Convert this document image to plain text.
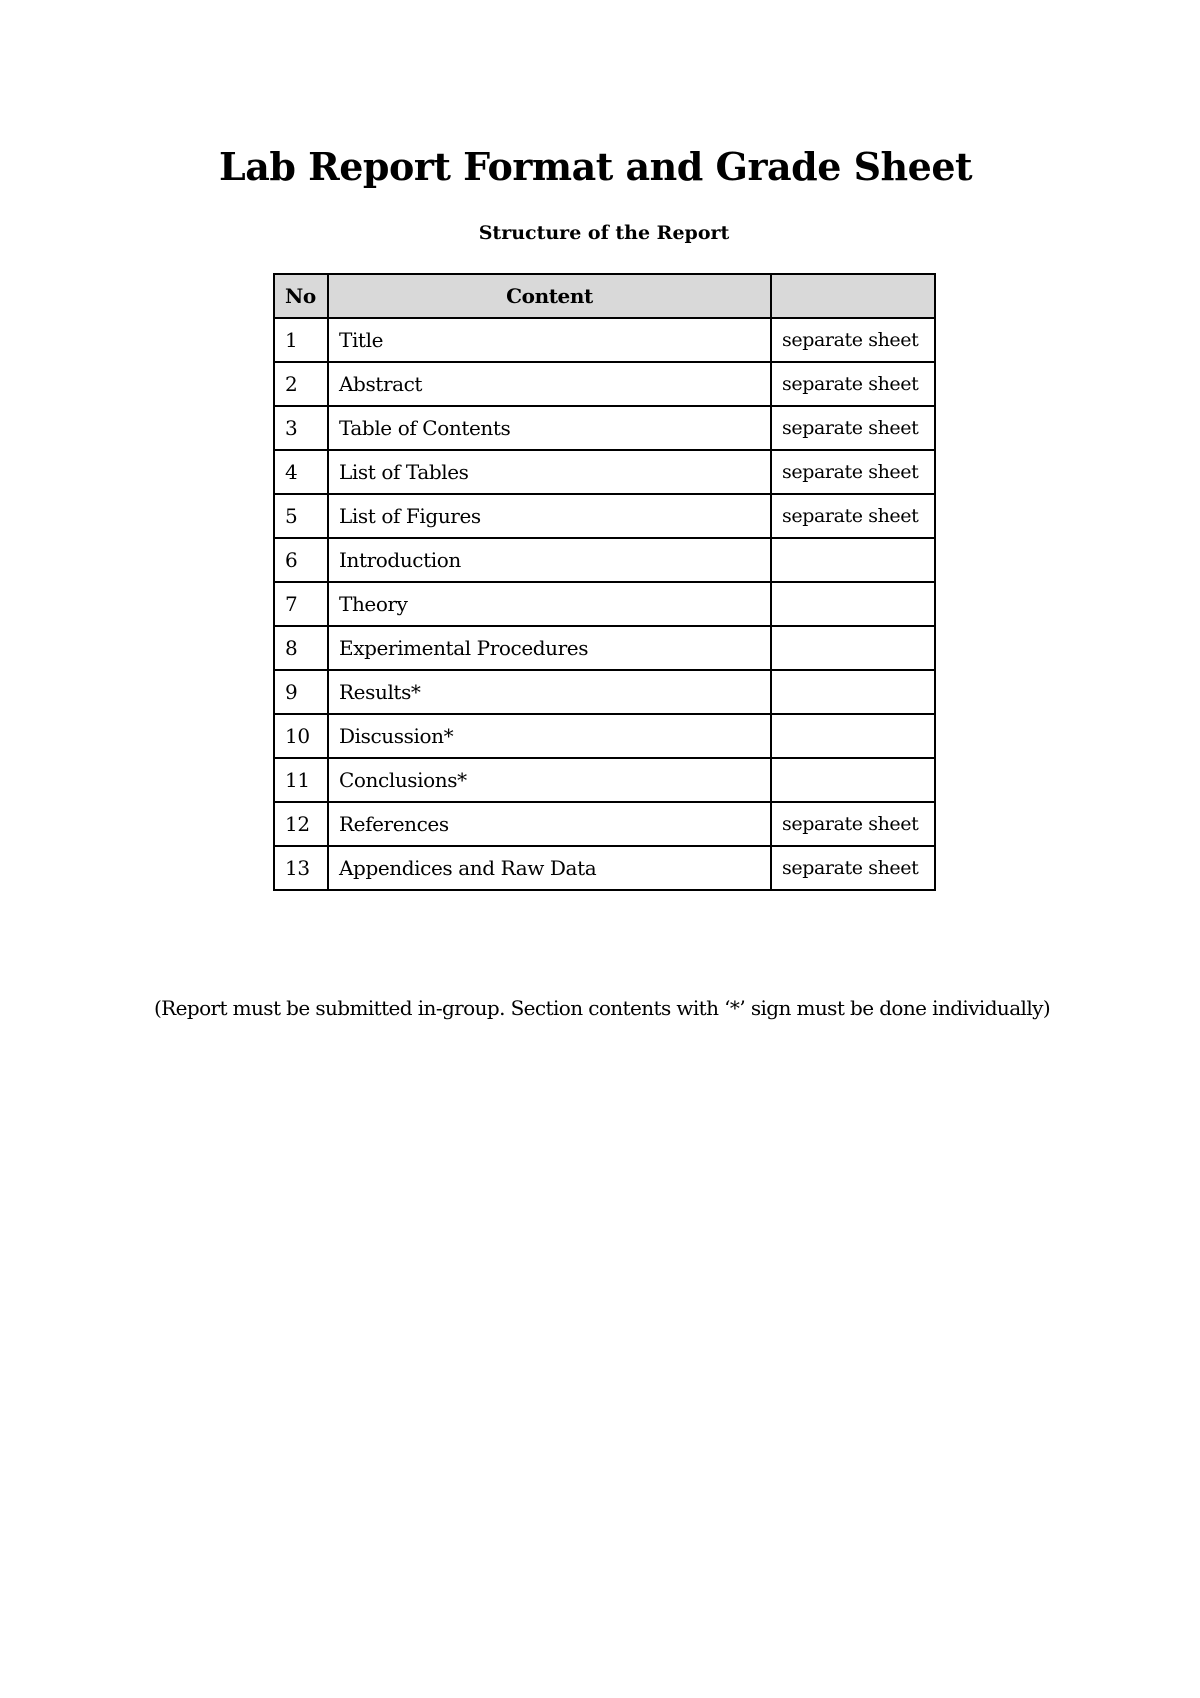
Lab Report Format and Grade Sheet
Structure of the Report
No	Content	
1	Title	separate sheet
2	Abstract	separate sheet
3	Table of Contents	separate sheet
4	List of Tables	separate sheet
5	List of Figures	separate sheet
6	Introduction	
7	Theory	
8	Experimental Procedures	
9	Results*	
10	Discussion*	
11	Conclusions*	
12	References	separate sheet
13	Appendices and Raw Data	separate sheet

(Report must be submitted in-group. Section contents with ‘*’ sign must be done individually)
